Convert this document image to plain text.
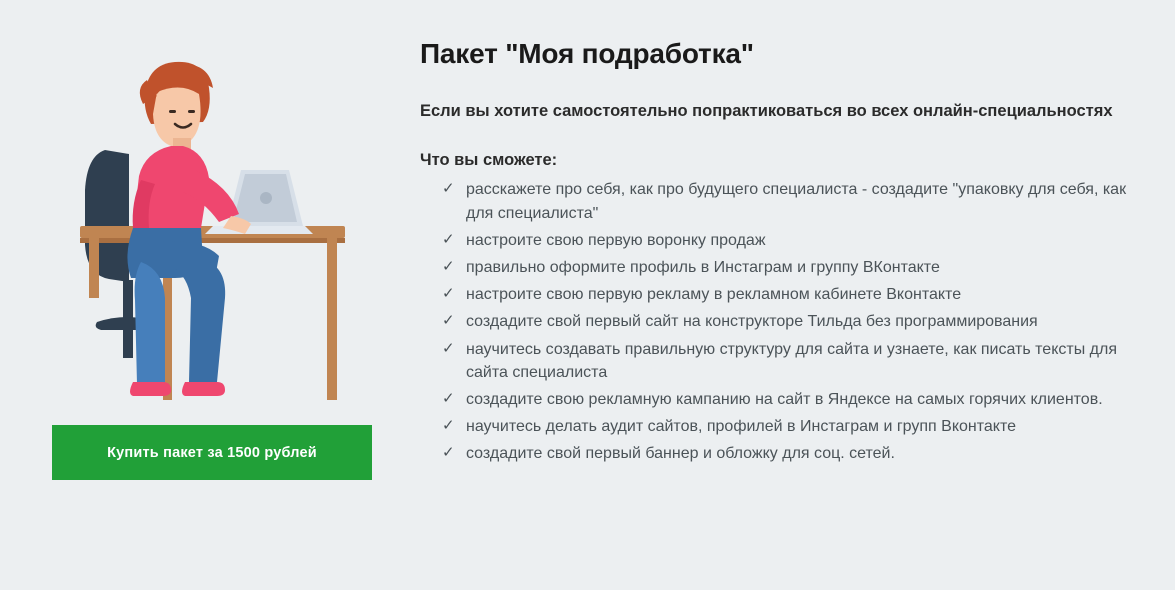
Купить пакет за 1500 рублей
Пакет "Моя подработка"

Если вы хотите самостоятельно попрактиковаться во всех онлайн-специальностях

Что вы сможете:

✓ расскажете про себя, как про будущего специалиста - создадите "упаковку для себя, как для специалиста"
✓ настроите свою первую воронку продаж
✓ правильно оформите профиль в Инстаграм и группу ВКонтакте
✓ настроите свою первую рекламу в рекламном кабинете Вконтакте
✓ создадите свой первый сайт на конструкторе Тильда без программирования
✓ научитесь создавать правильную структуру для сайта и узнаете, как писать тексты для сайта специалиста
✓ создадите свою рекламную кампанию на сайт в Яндексе на самых горячих клиентов.
✓ научитесь делать аудит сайтов, профилей в Инстаграм и групп Вконтакте
✓ создадите свой первый баннер и обложку для соц. сетей.
